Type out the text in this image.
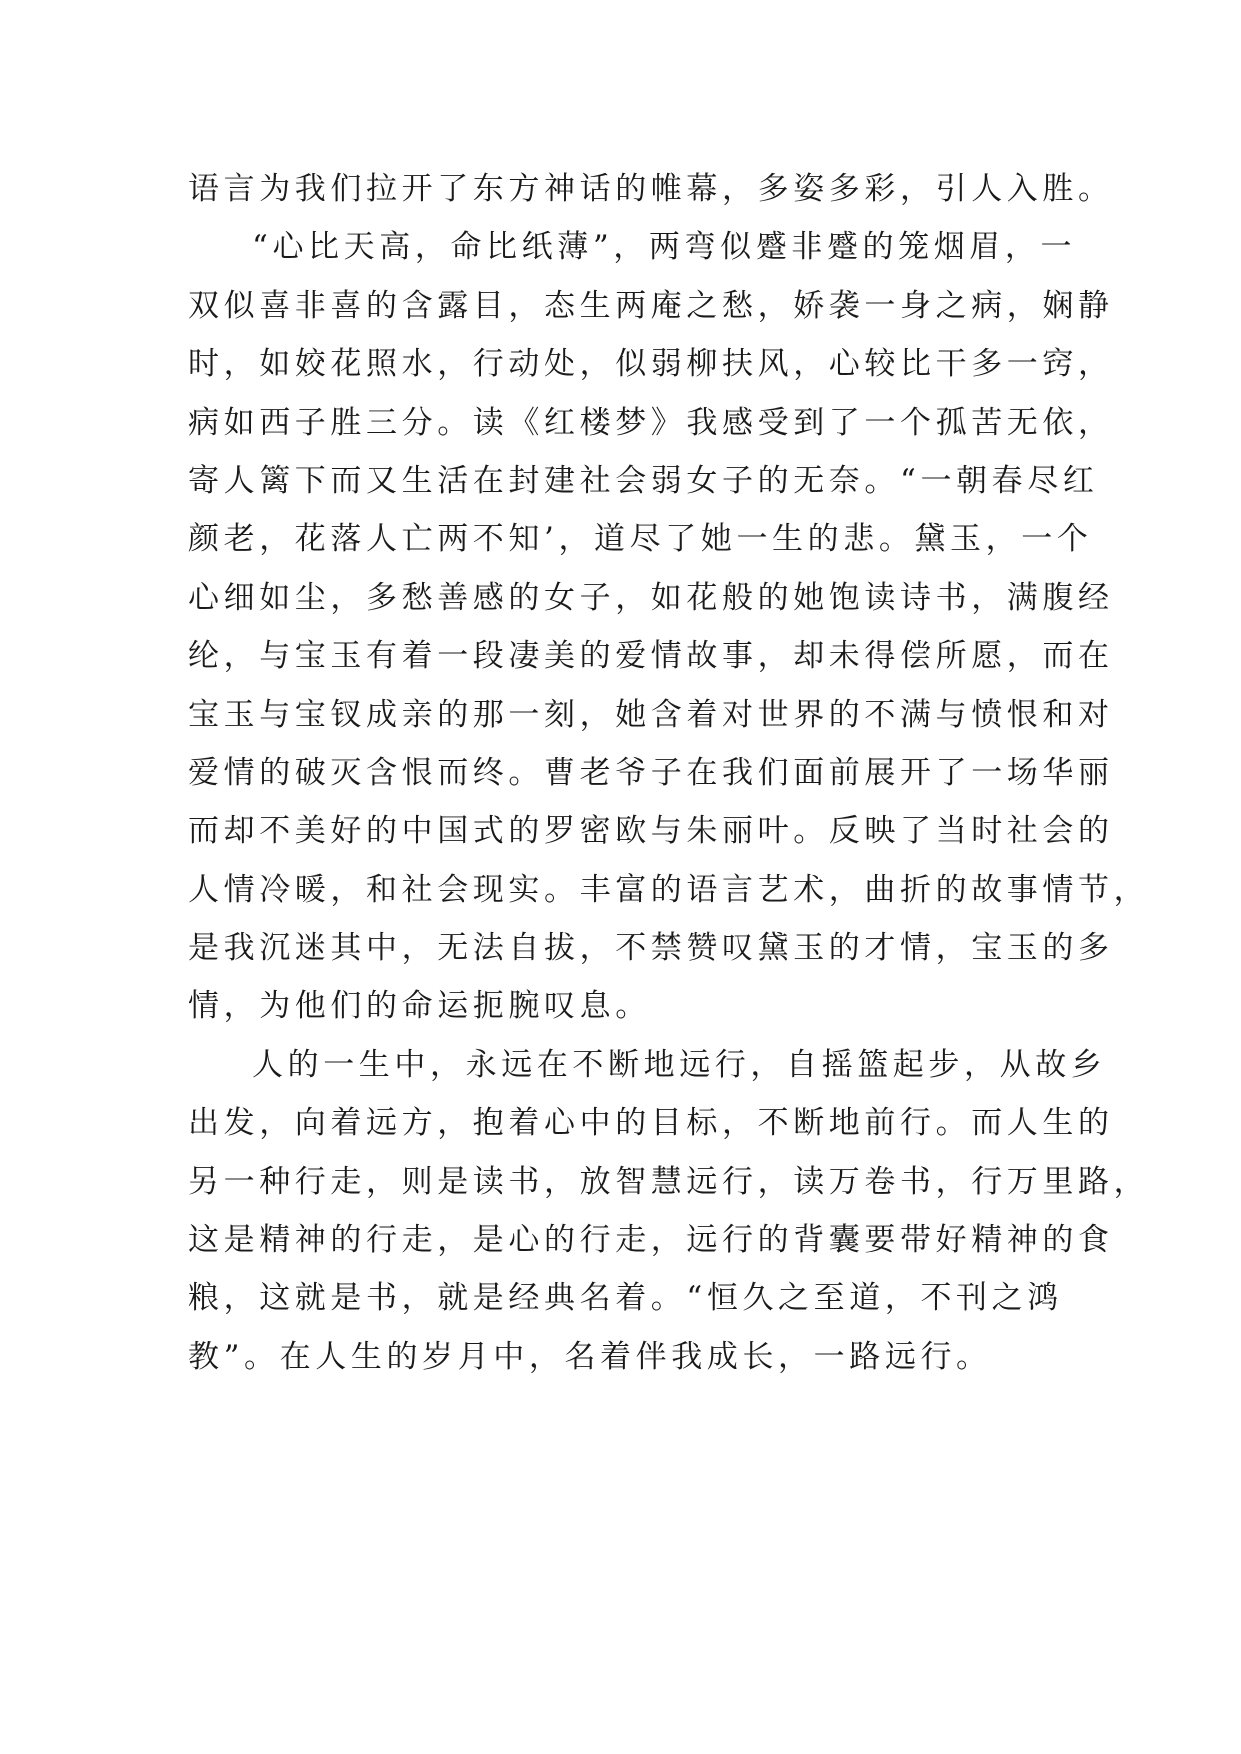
语言为我们拉开了东方神话的帷幕，多姿多彩，引人入胜。
“心比天高，命比纸薄”，两弯似蹙非蹙的笼烟眉，一
双似喜非喜的含露目，态生两庵之愁，娇袭一身之病，娴静
时，如姣花照水，行动处，似弱柳扶风，心较比干多一窍，
病如西子胜三分。读《红楼梦》我感受到了一个孤苦无依，
寄人篱下而又生活在封建社会弱女子的无奈。“一朝春尽红
颜老，花落人亡两不知’，道尽了她一生的悲。黛玉，一个
心细如尘，多愁善感的女子，如花般的她饱读诗书，满腹经
纶，与宝玉有着一段凄美的爱情故事，却未得偿所愿，而在
宝玉与宝钗成亲的那一刻，她含着对世界的不满与愤恨和对
爱情的破灭含恨而终。曹老爷子在我们面前展开了一场华丽
而却不美好的中国式的罗密欧与朱丽叶。反映了当时社会的
人情冷暖，和社会现实。丰富的语言艺术，曲折的故事情节，
是我沉迷其中，无法自拔，不禁赞叹黛玉的才情，宝玉的多
情，为他们的命运扼腕叹息。
人的一生中，永远在不断地远行，自摇篮起步，从故乡
出发，向着远方，抱着心中的目标，不断地前行。而人生的
另一种行走，则是读书，放智慧远行，读万卷书，行万里路，
这是精神的行走，是心的行走，远行的背囊要带好精神的食
粮，这就是书，就是经典名着。“恒久之至道，不刊之鸿
教”。在人生的岁月中，名着伴我成长，一路远行。
